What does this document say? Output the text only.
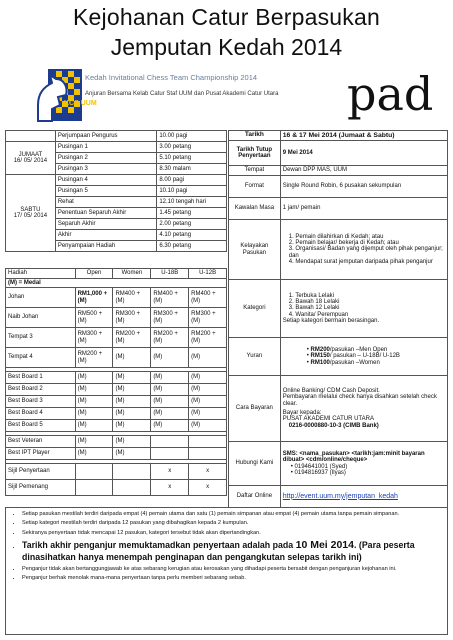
Kejohanan Catur Berpasukan
Jemputan Kedah 2014
KCS UUM
Kedah Invitational Chess Team Championship 2014
Anjuran Bersama Kelab Catur Staf UUM dan Pusat Akademi Catur Utara pad
	Perjumpaan Pengurus	10.00 pagi

JUMAAT
16/ 05/ 2014	Pusingan 1	3.00 petang
	Pusingan 2	5.10 petang
	Pusingan 3	8.30 malam

SABTU
17/ 05/ 2014	Pusingan 4	8.00 pagi
	Pusingan 5	10.10 pagi
	Rehat	12.10 tengah hari
	Penentuan Separuh Akhir	1.45 petang
	Separuh Akhir	2.00 petang
	Akhir	4.10 petang
	Penyampaian Hadiah	6.30 petang
Hadiah	Open	Women	U-18B	U-12B
(M) = Medal				
Johan	RM1,000 + (M)	RM400 + (M)	RM400 + (M)	RM400 + (M)
Naib Johan	RM500 + (M)	RM300 + (M)	RM300 + (M)	RM300 + (M)
Tempat 3	RM300 + (M)	RM200 + (M)	RM200 + (M)	RM200 + (M)
Tempat 4	RM200 + (M)	(M)	(M)	(M)

Best Board 1	(M)	(M)	(M)	(M)
Best Board 2	(M)	(M)	(M)	(M)
Best Board 3	(M)	(M)	(M)	(M)
Best Board 4	(M)	(M)	(M)	(M)
Best Board 5	(M)	(M)	(M)	(M)

Best Veteran	(M)	(M)		
Best IPT Player	(M)	(M)		

Sijil Penyertaan			x	x
Sijil Pemenang			x	x
Tarikh	16 & 17 Mei 2014 (Jumaat & Sabtu)
Tarikh Tutup Penyertaan	9 Mei 2014
Tempat	Dewan DPP MAS, UUM
Format	Single Round Robin, 6 pusakan sekumpulan
Kawalan Masa	1 jam/ pemain
Kelayakan Pasukan	1. Pemain dilahirkan di Kedah; atau
2. Pemain belajar/ bekerja di Kedah; atau
3. Organisasi/ Badan yang dijemput oleh pihak penganjur; dan
4. Mendapat surat jemputan daripada pihak penganjur

Kategori	1. Terbuka Lelaki
2. Bawah 18 Lelaki
3. Bawah 12 Lelaki
4. Wanita/ Perempuan
Setiap kategori bermain berasingan.

Yuran	• RM200/pasukan –Men Open
• RM150/ pasukan – U-18B/ U-12B
• RM100/pasukan –Women

Cara Bayaran	Online Banking/ CDM Cash Deposit.
Pembayaran melalui check hanya disahkan setelah check clear.
Bayar kepada:
PUSAT AKADEMI CATUR UTARA
0216-0000880-10-3 (CIMB Bank)

Hubungi Kami	SMS: <nama_pasukan> <tarikh:jam:minit bayaran dibuat> <cdm/online/cheque>
• 0194641001 (Syed)
• 0194816937 (Ilyas)

Daftar Online	http://event.uum.my/jemputan_kedah
• Setiap pasukan mestilah terdiri daripada empat (4) pemain utama dan satu (1) pemain simpanan atau empat (4) pemain utama tanpa pemain simpanan.
• Setiap kategori mestilah terdiri daripada 12 pasukan yang dibahagikan kepada 2 kumpulan.
• Sekiranya penyertaan tidak mencapai 12 pasukan, kategori tersebut tidak akan dipertandingkan.
• Tarikh akhir penganjur memuktamadkan penyertaan adalah pada 10 Mei 2014. (Para peserta dinasihatkan hanya menempah penginapan dan pengangkutan selepas tarikh ini)
• Penganjur tidak akan bertanggungjawab ke atas sebarang kerugian atau kerosakan yang dihadapi peserta bersabit dengan penganjuran kejohanan ini.
• Penganjur berhak menolak mana-mana penyertaan tanpa perlu memberi sebarang sebab.
